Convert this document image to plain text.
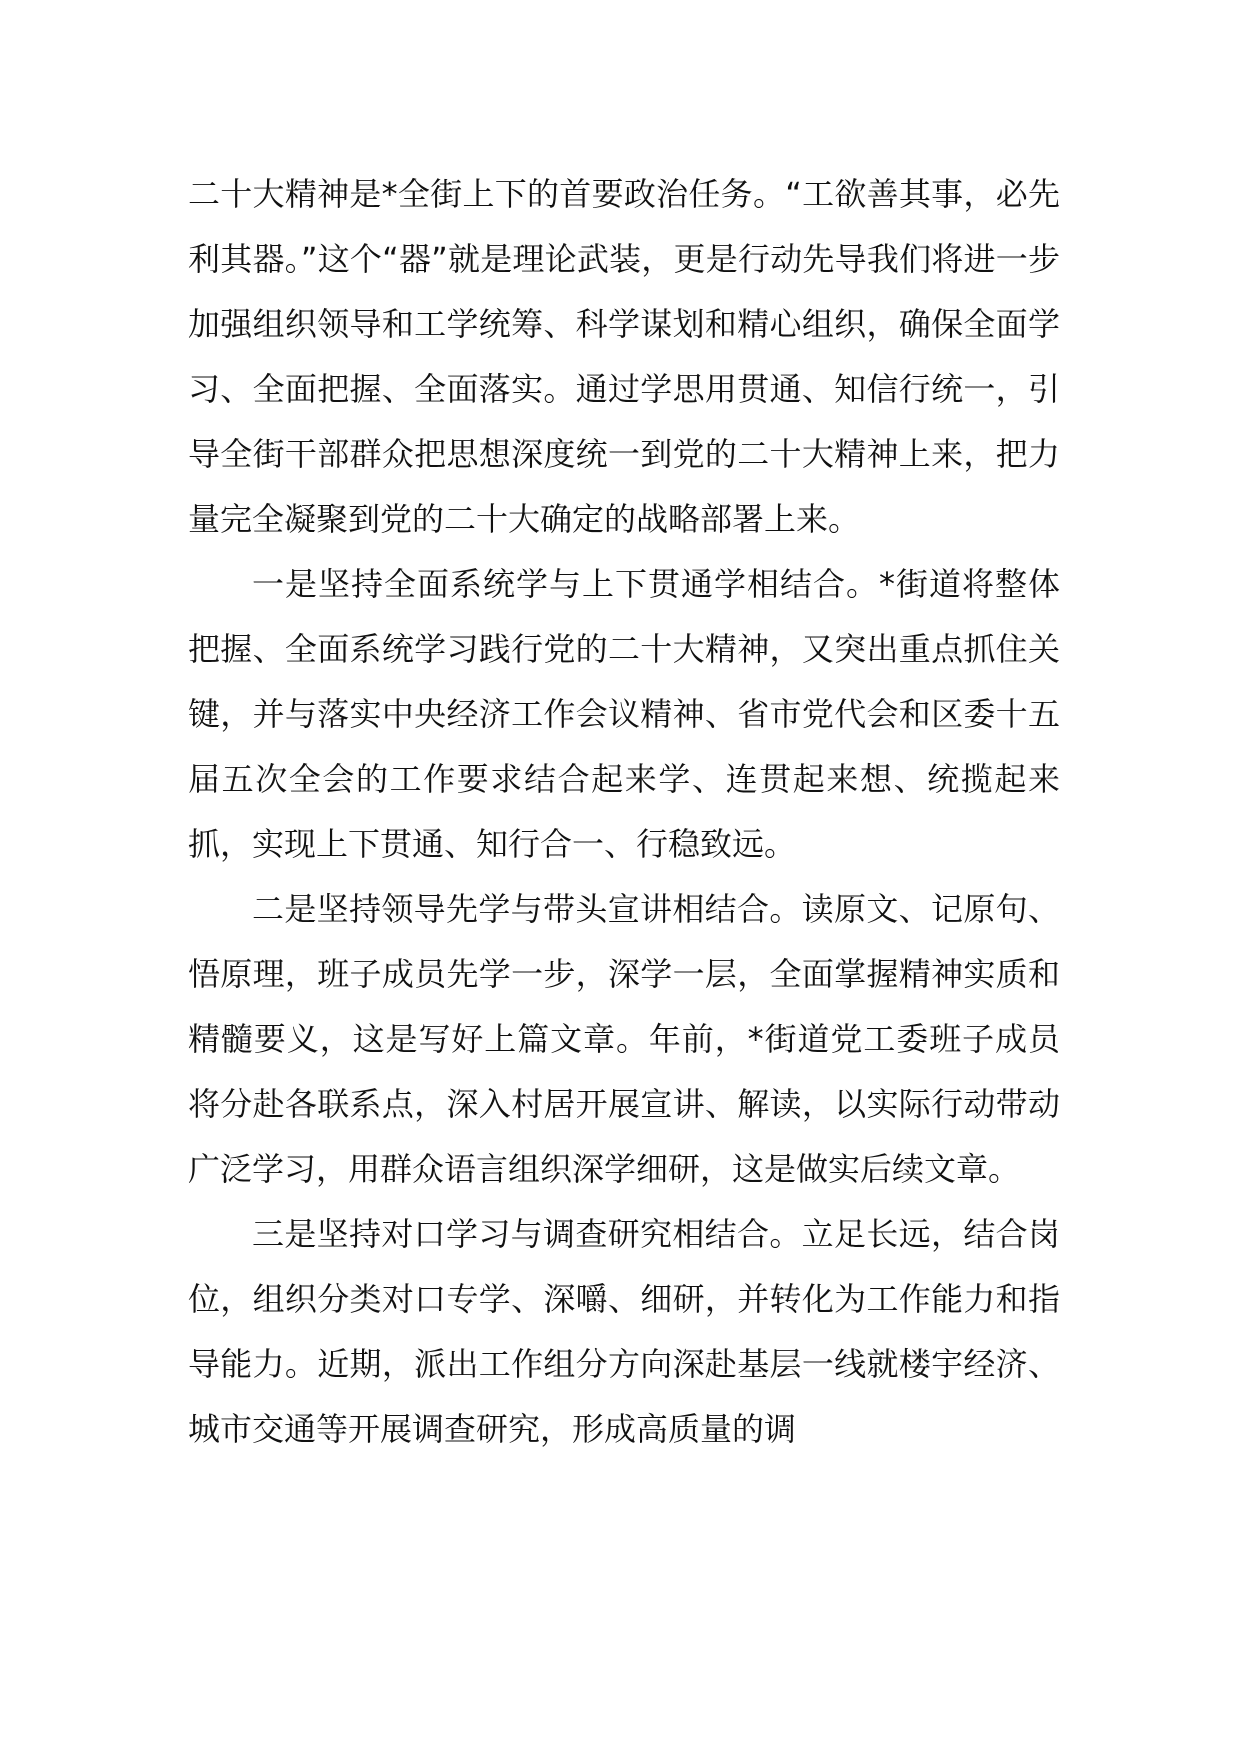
二十大精神是*全街上下的首要政治任务。“工欲善其事，必先利其器。”这个“器”就是理论武装，更是行动先导我们将进一步加强组织领导和工学统筹、科学谋划和精心组织，确保全面学习、全面把握、全面落实。通过学思用贯通、知信行统一，引导全街干部群众把思想深度统一到党的二十大精神上来，把力量完全凝聚到党的二十大确定的战略部署上来。

一是坚持全面系统学与上下贯通学相结合。*街道将整体把握、全面系统学习践行党的二十大精神，又突出重点抓住关键，并与落实中央经济工作会议精神、省市党代会和区委十五届五次全会的工作要求结合起来学、连贯起来想、统揽起来抓，实现上下贯通、知行合一、行稳致远。

二是坚持领导先学与带头宣讲相结合。读原文、记原句、悟原理，班子成员先学一步，深学一层，全面掌握精神实质和精髓要义，这是写好上篇文章。年前，*街道党工委班子成员将分赴各联系点，深入村居开展宣讲、解读，以实际行动带动广泛学习，用群众语言组织深学细研，这是做实后续文章。

三是坚持对口学习与调查研究相结合。立足长远，结合岗位，组织分类对口专学、深嚼、细研，并转化为工作能力和指导能力。近期，派出工作组分方向深赴基层一线就楼宇经济、城市交通等开展调查研究，形成高质量的调
